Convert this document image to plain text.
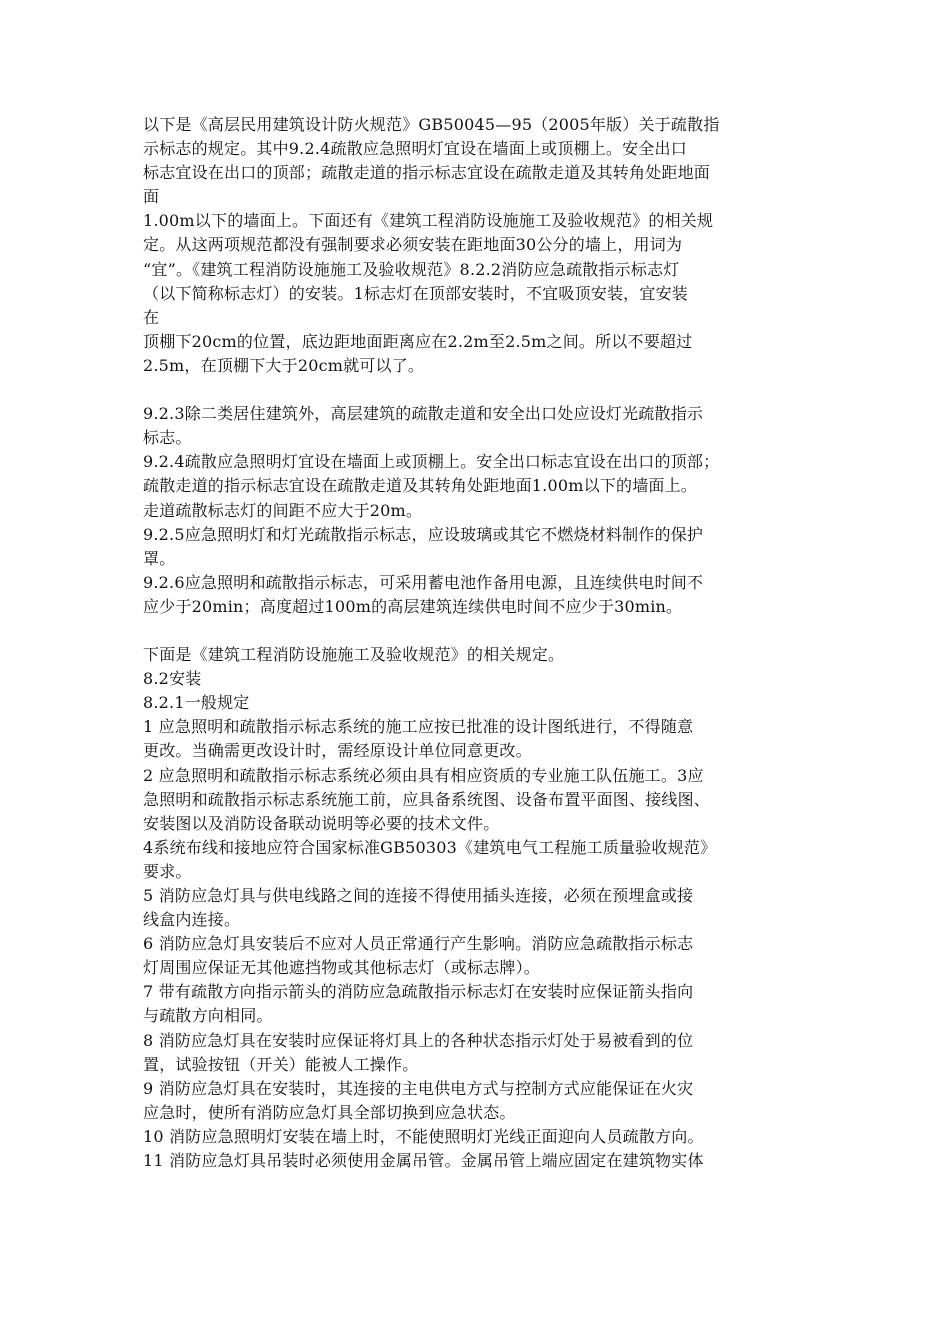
以下是《高层民用建筑设计防火规范》GB50045—95（2005年版）关于疏散指
示标志的规定。其中9.2.4疏散应急照明灯宜设在墙面上或顶棚上。安全出口
标志宜设在出口的顶部；疏散走道的指示标志宜设在疏散走道及其转角处距地面
面
1.00m以下的墙面上。下面还有《建筑工程消防设施施工及验收规范》的相关规
定。从这两项规范都没有强制要求必须安装在距地面30公分的墙上，用词为
“宜”。《建筑工程消防设施施工及验收规范》8.2.2消防应急疏散指示标志灯
（以下简称标志灯）的安装。1标志灯在顶部安装时，不宜吸顶安装，宜安装
在
顶棚下20cm的位置，底边距地面距离应在2.2m至2.5m之间。所以不要超过
2.5m，在顶棚下大于20cm就可以了。
9.2.3除二类居住建筑外，高层建筑的疏散走道和安全出口处应设灯光疏散指示
标志。
9.2.4疏散应急照明灯宜设在墙面上或顶棚上。安全出口标志宜设在出口的顶部；
疏散走道的指示标志宜设在疏散走道及其转角处距地面1.00m以下的墙面上。
走道疏散标志灯的间距不应大于20m。
9.2.5应急照明灯和灯光疏散指示标志，应设玻璃或其它不燃烧材料制作的保护
罩。
9.2.6应急照明和疏散指示标志，可采用蓄电池作备用电源，且连续供电时间不
应少于20min；高度超过100m的高层建筑连续供电时间不应少于30min。
下面是《建筑工程消防设施施工及验收规范》的相关规定。
8.2安装
8.2.1一般规定
1 应急照明和疏散指示标志系统的施工应按已批准的设计图纸进行，不得随意
更改。当确需更改设计时，需经原设计单位同意更改。
2 应急照明和疏散指示标志系统必须由具有相应资质的专业施工队伍施工。3应
急照明和疏散指示标志系统施工前，应具备系统图、设备布置平面图、接线图、
安装图以及消防设备联动说明等必要的技术文件。
4系统布线和接地应符合国家标准GB50303《建筑电气工程施工质量验收规范》
要求。
5 消防应急灯具与供电线路之间的连接不得使用插头连接，必须在预埋盒或接
线盒内连接。
6 消防应急灯具安装后不应对人员正常通行产生影响。消防应急疏散指示标志
灯周围应保证无其他遮挡物或其他标志灯（或标志牌）。
7 带有疏散方向指示箭头的消防应急疏散指示标志灯在安装时应保证箭头指向
与疏散方向相同。
8 消防应急灯具在安装时应保证将灯具上的各种状态指示灯处于易被看到的位
置，试验按钮（开关）能被人工操作。
9 消防应急灯具在安装时，其连接的主电供电方式与控制方式应能保证在火灾
应急时，使所有消防应急灯具全部切换到应急状态。
10 消防应急照明灯安装在墙上时，不能使照明灯光线正面迎向人员疏散方向。
11 消防应急灯具吊装时必须使用金属吊管。金属吊管上端应固定在建筑物实体
